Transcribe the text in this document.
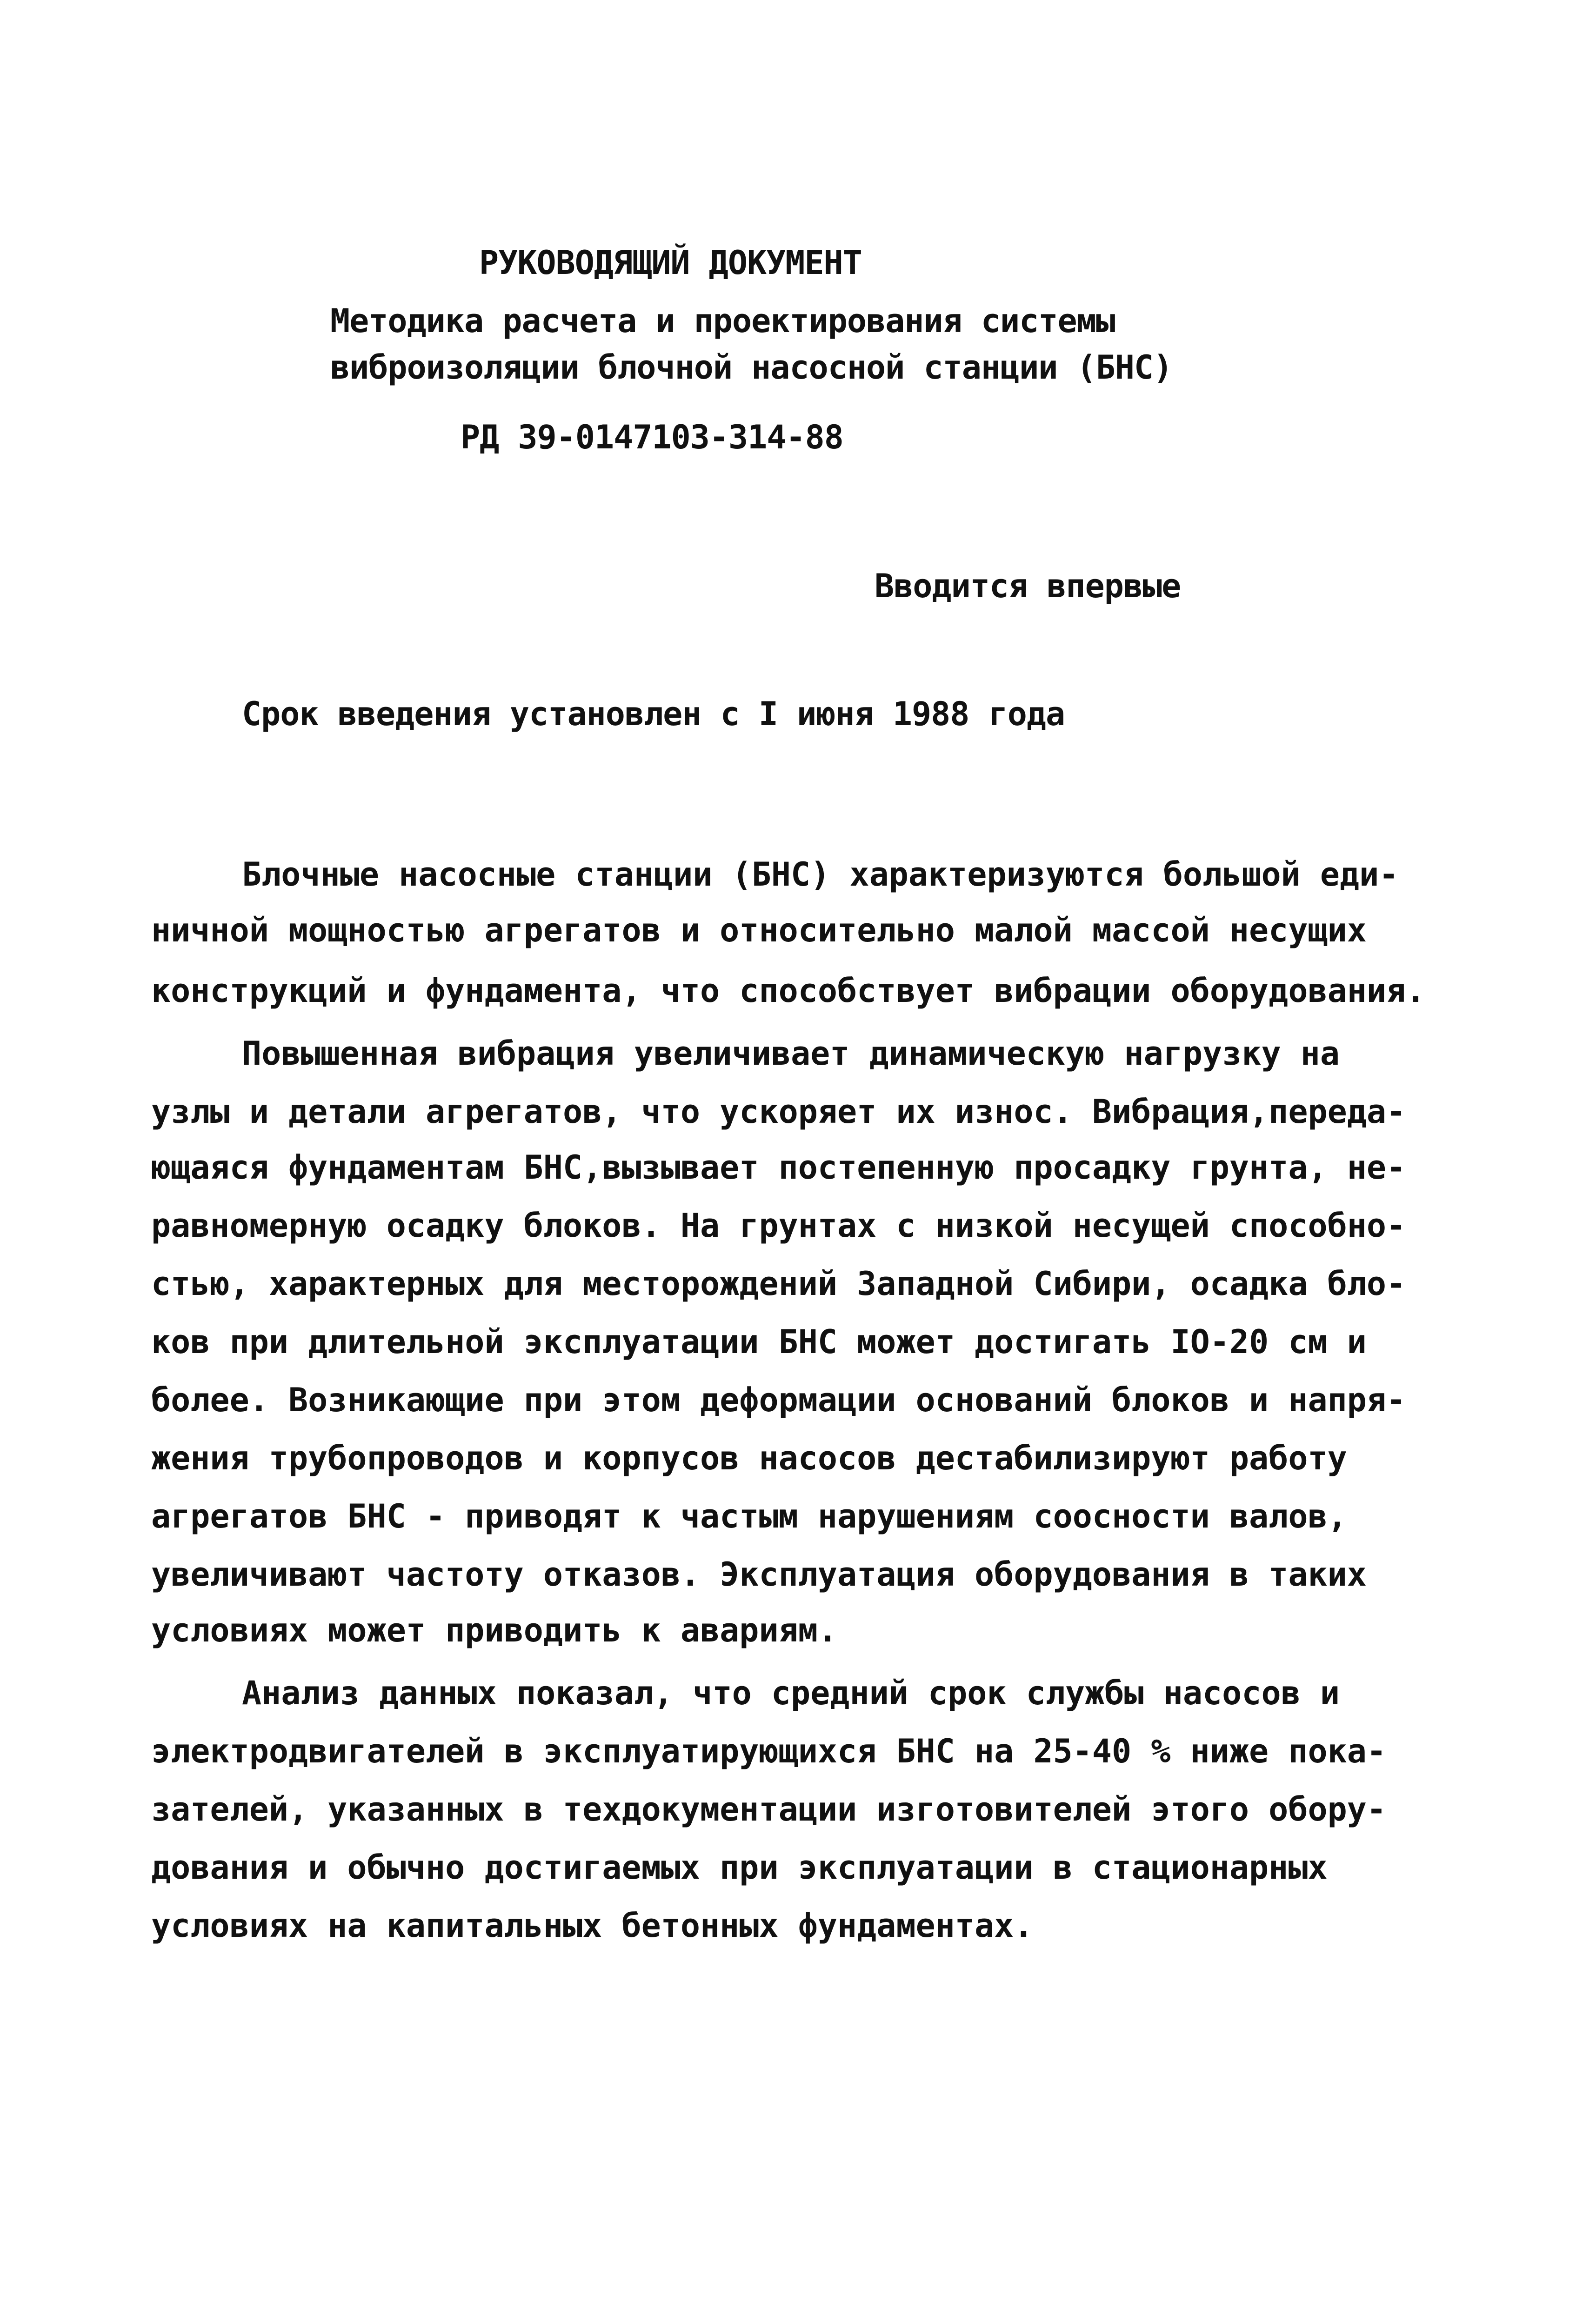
РУКОВОДЯЩИЙ ДОКУМЕНТ
Методика расчета и проектирования системы
виброизоляции блочной насосной станции (БНС)
РД 39-0147103-314-88
Вводится впервые
Срок введения установлен с I июня 1988 года
Блочные насосные станции (БНС) характеризуются большой еди-
ничной мощностью агрегатов и относительно малой массой несущих
конструкций и фундамента, что способствует вибрации оборудования.
Повышенная вибрация увеличивает динамическую нагрузку на
узлы и детали агрегатов, что ускоряет их износ. Вибрация,переда-
ющаяся фундаментам БНС,вызывает постепенную просадку грунта, не-
равномерную осадку блоков. На грунтах с низкой несущей способно-
стью, характерных для месторождений Западной Сибири, осадка бло-
ков при длительной эксплуатации БНС может достигать IO-20 см и
более. Возникающие при этом деформации оснований блоков и напря-
жения трубопроводов и корпусов насосов дестабилизируют работу
агрегатов БНС - приводят к частым нарушениям соосности валов,
увеличивают частоту отказов. Эксплуатация оборудования в таких
условиях может приводить к авариям.
Анализ данных показал, что средний срок службы насосов и
электродвигателей в эксплуатирующихся БНС на 25-40 % ниже пока-
зателей, указанных в техдокументации изготовителей этого обору-
дования и обычно достигаемых при эксплуатации в стационарных
условиях на капитальных бетонных фундаментах.
